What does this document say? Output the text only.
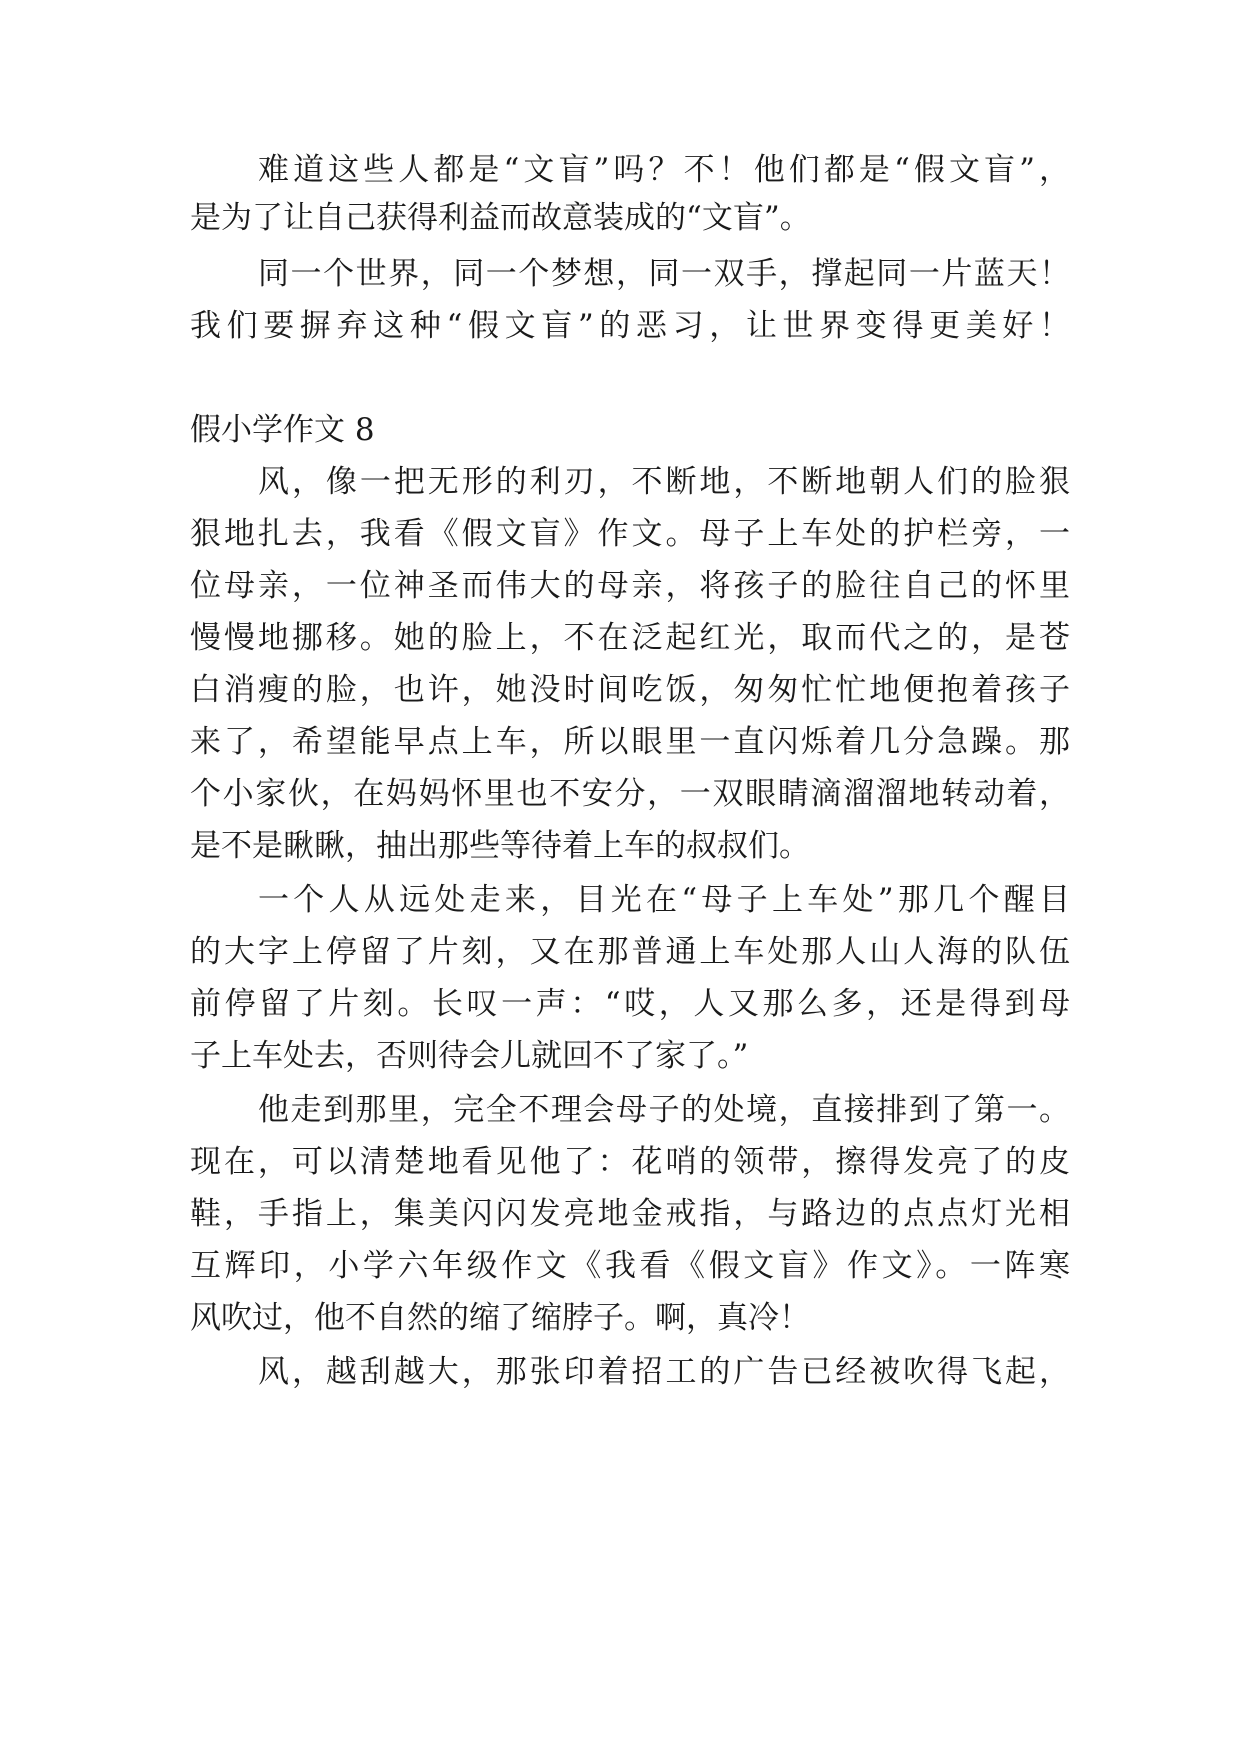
难道这些人都是“文盲”吗？不！他们都是“假文盲”，
是为了让自己获得利益而故意装成的“文盲”。
同一个世界，同一个梦想，同一双手，撑起同一片蓝天！
我们要摒弃这种“假文盲”的恶习，让世界变得更美好！
假小学作文 8
风，像一把无形的利刃，不断地，不断地朝人们的脸狠
狠地扎去，我看《假文盲》作文。母子上车处的护栏旁，一
位母亲，一位神圣而伟大的母亲，将孩子的脸往自己的怀里
慢慢地挪移。她的脸上，不在泛起红光，取而代之的，是苍
白消瘦的脸，也许，她没时间吃饭，匆匆忙忙地便抱着孩子
来了，希望能早点上车，所以眼里一直闪烁着几分急躁。那
个小家伙，在妈妈怀里也不安分，一双眼睛滴溜溜地转动着，
是不是瞅瞅，抽出那些等待着上车的叔叔们。
一个人从远处走来，目光在“母子上车处”那几个醒目
的大字上停留了片刻，又在那普通上车处那人山人海的队伍
前停留了片刻。长叹一声：“哎，人又那么多，还是得到母
子上车处去，否则待会儿就回不了家了。”
他走到那里，完全不理会母子的处境，直接排到了第一。
现在，可以清楚地看见他了：花哨的领带，擦得发亮了的皮
鞋，手指上，集美闪闪发亮地金戒指，与路边的点点灯光相
互辉印，小学六年级作文《我看《假文盲》作文》。一阵寒
风吹过，他不自然的缩了缩脖子。啊，真冷！
风，越刮越大，那张印着招工的广告已经被吹得飞起，
